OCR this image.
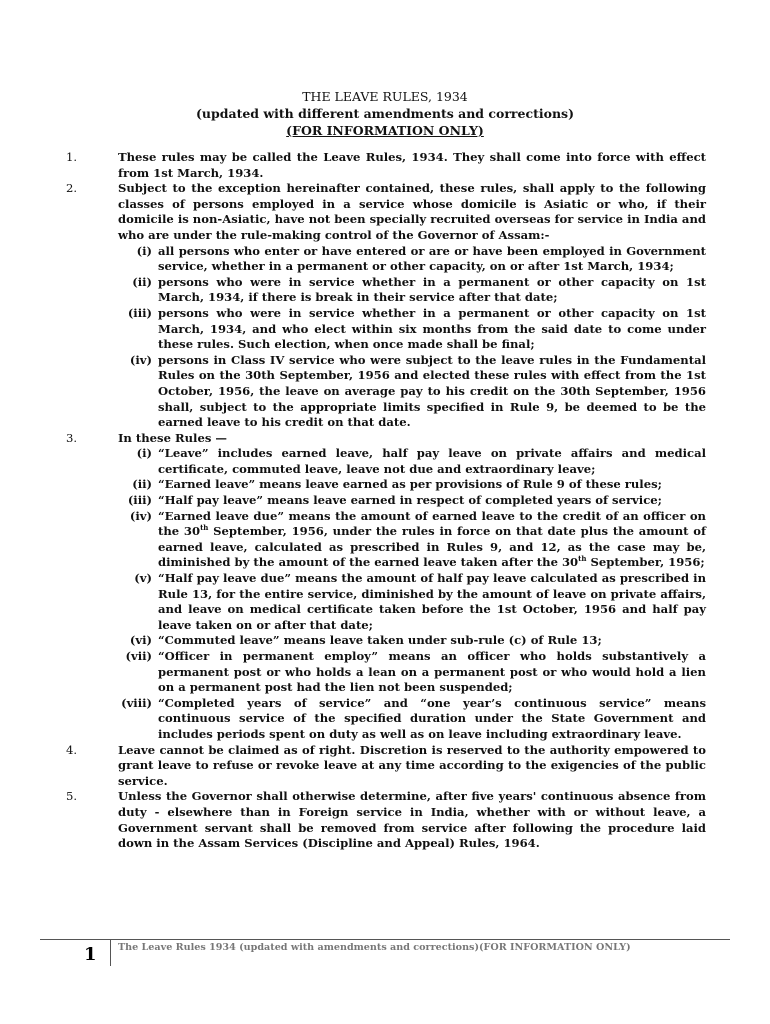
THE LEAVE RULES, 1934
(updated with different amendments and corrections)
(FOR INFORMATION ONLY)
1.	These rules may be called the Leave Rules, 1934. They shall come into force with effect from 1st March, 1934.
2.	Subject to the exception hereinafter contained, these rules, shall apply to the following classes of persons employed in a service whose domicile is Asiatic or who, if their domicile is non-Asiatic, have not been specially recruited overseas for service in India and who are under the rule-making control of the Governor of Assam:-
(i) all persons who enter or have entered or are or have been employed in Government service, whether in a permanent or other capacity, on or after 1st March, 1934;
(ii) persons who were in service whether in a permanent or other capacity on 1st March, 1934, if there is break in their service after that date;
(iii) persons who were in service whether in a permanent or other capacity on 1st March, 1934, and who elect within six months from the said date to come under these rules. Such election, when once made shall be final;
(iv) persons in Class IV service who were subject to the leave rules in the Fundamental Rules on the 30th September, 1956 and elected these rules with effect from the 1st October, 1956, the leave on average pay to his credit on the 30th September, 1956 shall, subject to the appropriate limits specified in Rule 9, be deemed to be the earned leave to his credit on that date.
3.	In these Rules —
(i) “Leave” includes earned leave, half pay leave on private affairs and medical certificate, commuted leave, leave not due and extraordinary leave;
(ii) “Earned leave” means leave earned as per provisions of Rule 9 of these rules;
(iii) “Half pay leave” means leave earned in respect of completed years of service;
(iv) “Earned leave due” means the amount of earned leave to the credit of an officer on the 30th September, 1956, under the rules in force on that date plus the amount of earned leave, calculated as prescribed in Rules 9, and 12, as the case may be, diminished by the amount of the earned leave taken after the 30th September, 1956;
(v) “Half pay leave due” means the amount of half pay leave calculated as prescribed in Rule 13, for the entire service, diminished by the amount of leave on private affairs, and leave on medical certificate taken before the 1st October, 1956 and half pay leave taken on or after that date;
(vi) “Commuted leave” means leave taken under sub-rule (c) of Rule 13;
(vii) “Officer in permanent employ” means an officer who holds substantively a permanent post or who holds a lean on a permanent post or who would hold a lien on a permanent post had the lien not been suspended;
(viii) “Completed years of service” and “one year’s continuous service” means continuous service of the specified duration under the State Government and includes periods spent on duty as well as on leave including extraordinary leave.
4.	Leave cannot be claimed as of right. Discretion is reserved to the authority empowered to grant leave to refuse or revoke leave at any time according to the exigencies of the public service.
5.	Unless the Governor shall otherwise determine, after five years' continuous absence from duty - elsewhere than in Foreign service in India, whether with or without leave, a Government servant shall be removed from service after following the procedure laid down in the Assam Services (Discipline and Appeal) Rules, 1964.
1 The Leave Rules 1934 (updated with amendments and corrections)(FOR INFORMATION ONLY)
